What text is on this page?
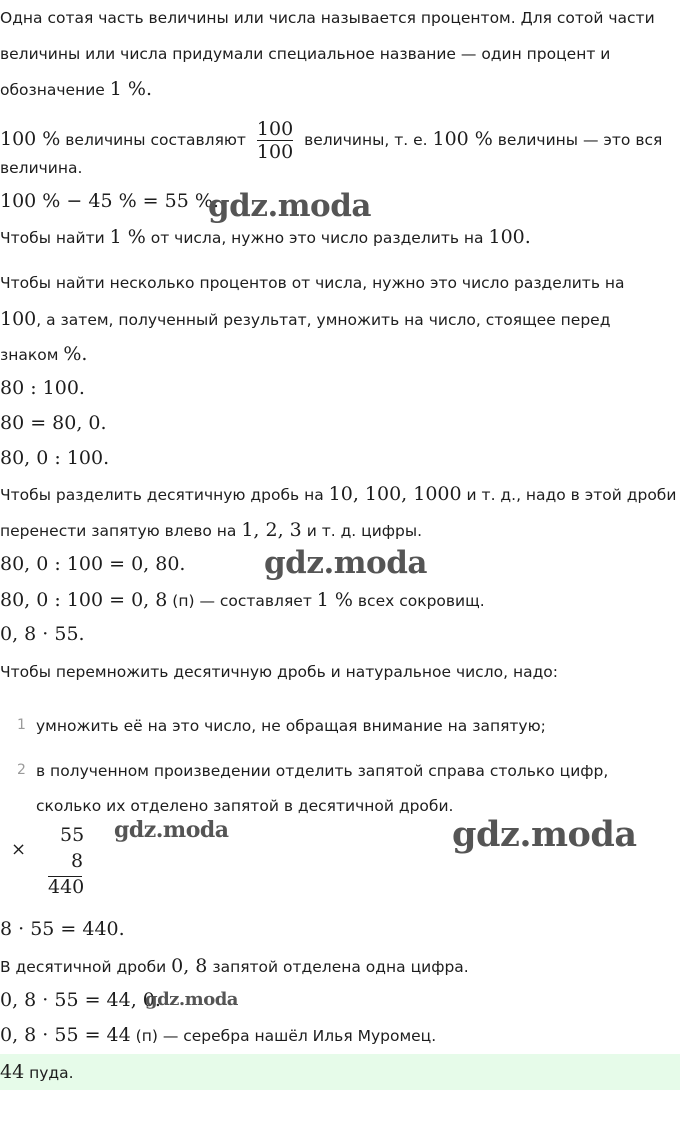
Одна сотая часть величины или числа называется процентом. Для сотой части
величины или числа придумали специальное название — один процент и
обозначение 1 %.
100 % величины составляют $\frac{100}{100}$ величины, т. е. 100 % величины — это вся
величина.
100 % − 45 % = 55 %.
gdz.moda
Чтобы найти 1 % от числа, нужно это число разделить на 100.
Чтобы найти несколько процентов от числа, нужно это число разделить на
100, а затем, полученный результат, умножить на число, стоящее перед
знаком %.
80 : 100.
80 = 80, 0.
80, 0 : 100.
Чтобы разделить десятичную дробь на 10, 100, 1000 и т. д., надо в этой дроби
перенести запятую влево на 1, 2, 3 и т. д. цифры.
80, 0 : 100 = 0, 80.	gdz.moda
80, 0 : 100 = 0, 8 (п) — составляет 1 % всех сокровищ.
0, 8 · 55.
Чтобы перемножить десятичную дробь и натуральное число, надо:
1 умножить её на это число, не обращая внимание на запятую;
2 в полученном произведении отделить запятой справа столько цифр,
сколько их отделено запятой в десятичной дроби.
×
55
8
440
gdz.moda	gdz.moda
8 · 55 = 440.
В десятичной дроби 0, 8 запятой отделена одна цифра.
0, 8 · 55 = 44, 0.
gdz.moda
0, 8 · 55 = 44 (п) — серебра нашёл Илья Муромец.
44 пуда.
